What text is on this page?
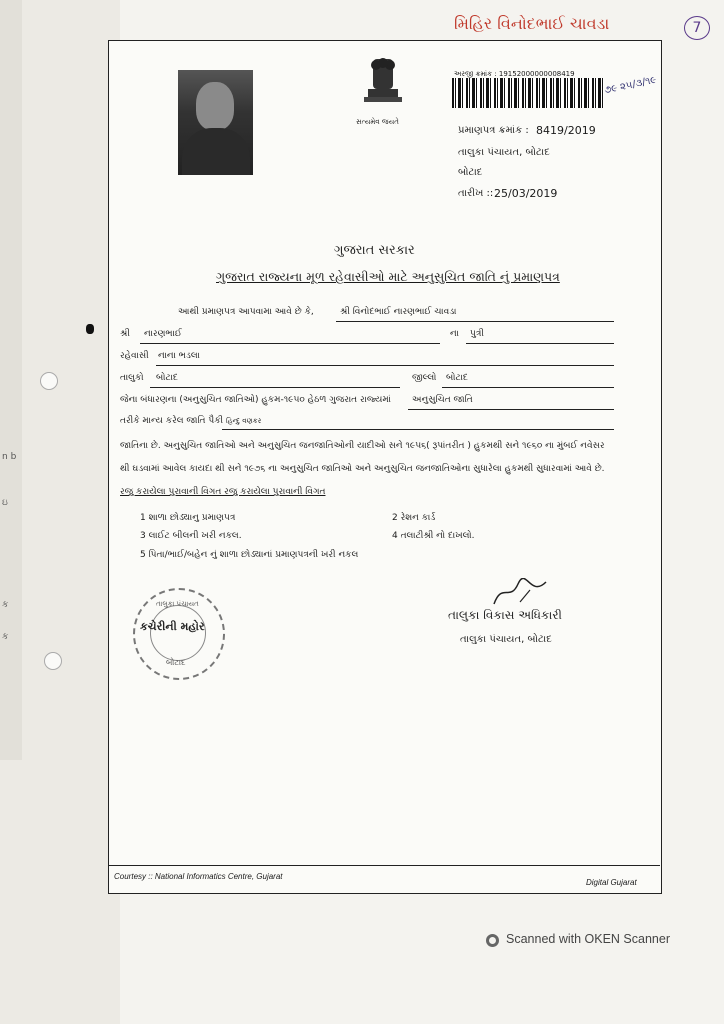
n b
ઇ
ક
ક
મિહિર વિનોદભાઈ ચાવડા	7
સત્યમેવ જયતે
અરજી ક્રમાંક : 19152000000008419
૭૯ ૨૫/૩/૧૯
પ્રમાણપત્ર ક્રમાંક : 8419/2019
તાલુકા પંચાયત, બોટાદ
બોટાદ
તારીખ :: 25/03/2019
ગુજરાત સરકાર
ગુજરાત રાજ્યના મૂળ રહેવાસીઓ માટે અનુસુચિત જાતિ નું પ્રમાણપત્ર
આથી પ્રમાણપત્ર આપવામા આવે છે કે,	શ્રી વિનોદભાઈ નારણભાઈ ચાવડા
શ્રી નારણભાઈ	ના પુત્રી
રહેવાસી નાના ભડલા
તાલુકો બોટાદ	જીલ્લો બોટાદ
જેના બંધારણના (અનુસુચિત જાતિઓ) હુકમ-૧૯૫૦ હેઠળ ગુજરાત રાજ્યમાં અનુસુચિત જાતિ
તરીકે માન્ય કરેલ જાતિ પૈકી હિન્દુ વણકર
જાતિના છે. અનુસુચિત જાતિઓ અને અનુસુચિત જનજાતિઓની યાદીઓ સને ૧૯૫૬( રૂપાંતરીત ) હુકમથી સને ૧૯૬૦ ના મુંબઈ નવેસર
થી ઘડવામાં આવેલ કાયદા થી સને ૧૯૭૬ ના અનુસુચિત જાતિઓ અને અનુસુચિત જનજાતિઓના સુધારેલા હુકમથી સુધારવામાં આવે છે.
રજુ કરાયેલા પુરાવાની વિગત રજુ કરાયેલા પુરાવાની વિગત
1 શાળા છોડ્યાનુ પ્રમાણપત્ર	2 રેશન કાર્ડ
3 લાઈટ બીલની ખરી નકલ.	4 તલાટીશ્રી નો દાખલો.
5 પિતા/ભાઈ/બહેન નું શાળા છોડ્યાનાં પ્રમાણપત્રની ખરી નકલ
તાલુકા પંચાયત
કચેરીની મહોર
બોટાદ
તાલુકા વિકાસ અધિકારી
તાલુકા પંચાયત, બોટાદ
Courtesy :: National Informatics Centre, Gujarat
Digital Gujarat
Scanned with OKEN Scanner
